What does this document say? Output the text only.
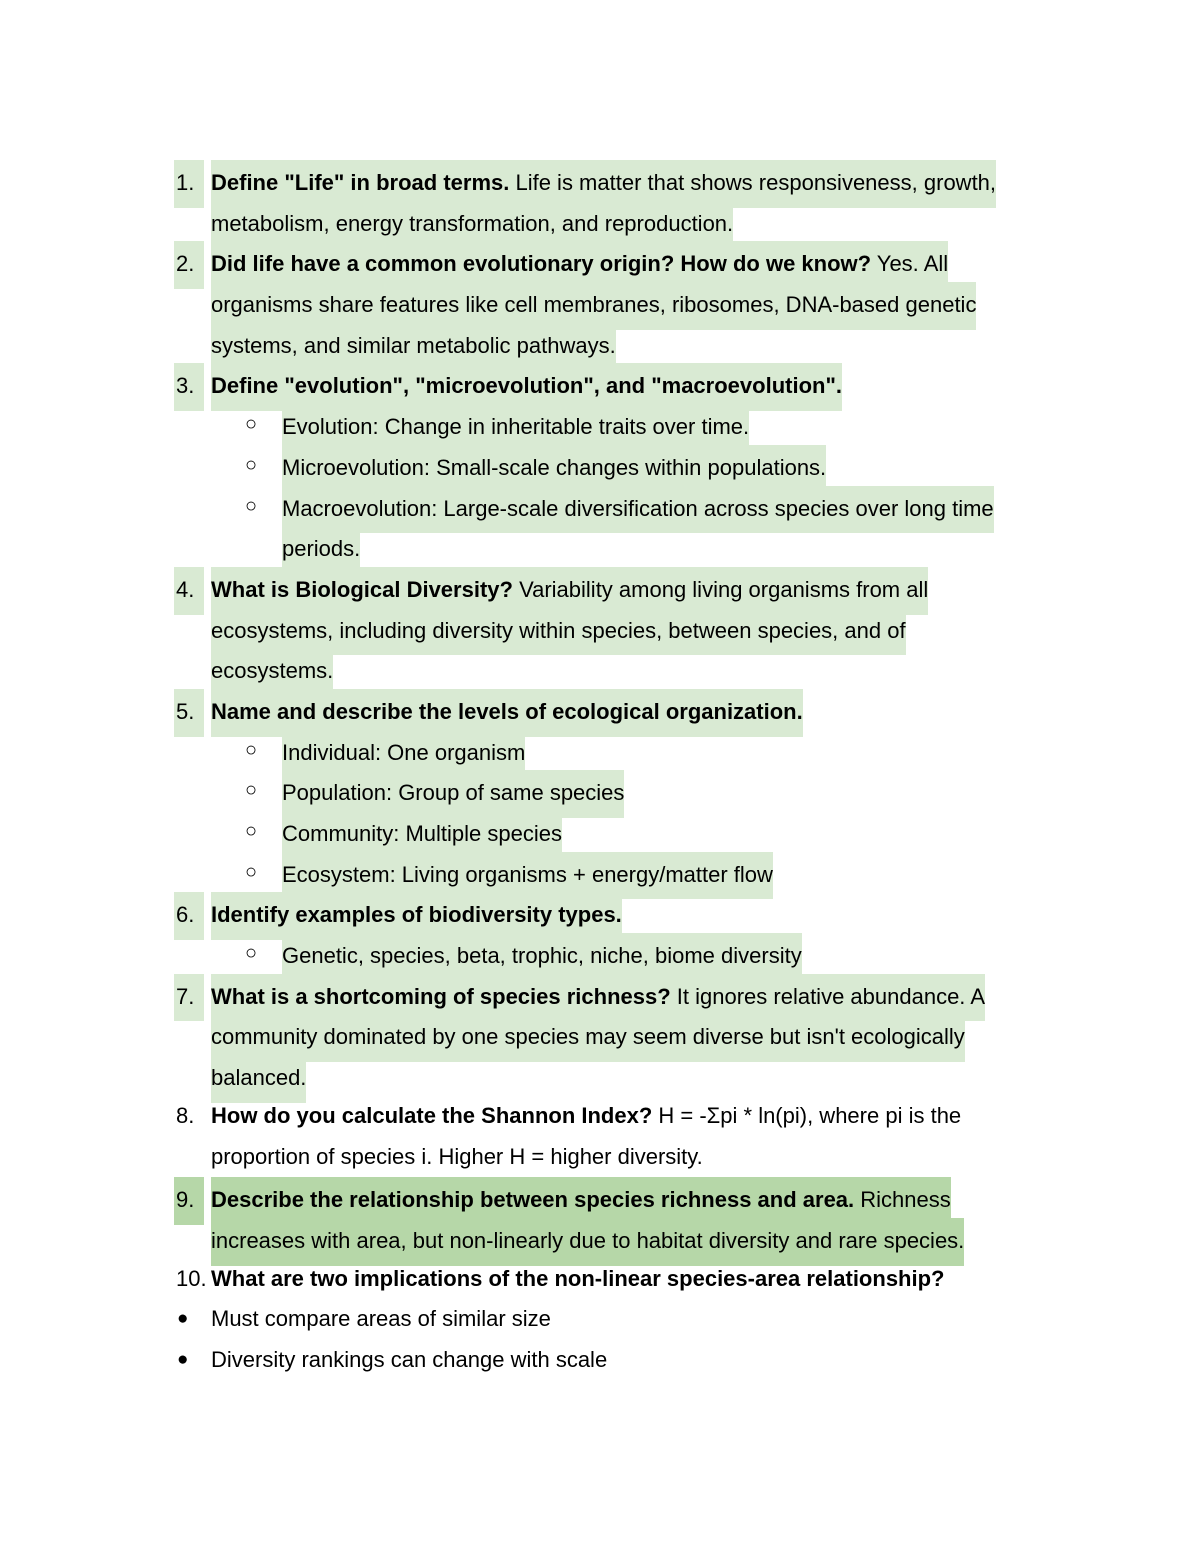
1. Define "Life" in broad terms. Life is matter that shows responsiveness, growth,
metabolism, energy transformation, and reproduction.
2. Did life have a common evolutionary origin? How do we know? Yes. All
organisms share features like cell membranes, ribosomes, DNA-based genetic
systems, and similar metabolic pathways.
3. Define "evolution", "microevolution", and "macroevolution".
○ Evolution: Change in inheritable traits over time.
○ Microevolution: Small-scale changes within populations.
○ Macroevolution: Large-scale diversification across species over long time
periods.
4. What is Biological Diversity? Variability among living organisms from all
ecosystems, including diversity within species, between species, and of
ecosystems.
5. Name and describe the levels of ecological organization.
○ Individual: One organism
○ Population: Group of same species
○ Community: Multiple species
○ Ecosystem: Living organisms + energy/matter flow
6. Identify examples of biodiversity types.
○ Genetic, species, beta, trophic, niche, biome diversity
7. What is a shortcoming of species richness? It ignores relative abundance. A
community dominated by one species may seem diverse but isn't ecologically
balanced.
8. How do you calculate the Shannon Index? H = -Σpi * ln(pi), where pi is the
proportion of species i. Higher H = higher diversity.
9. Describe the relationship between species richness and area. Richness
increases with area, but non-linearly due to habitat diversity and rare species.
10. What are two implications of the non-linear species-area relationship?
● Must compare areas of similar size
● Diversity rankings can change with scale
